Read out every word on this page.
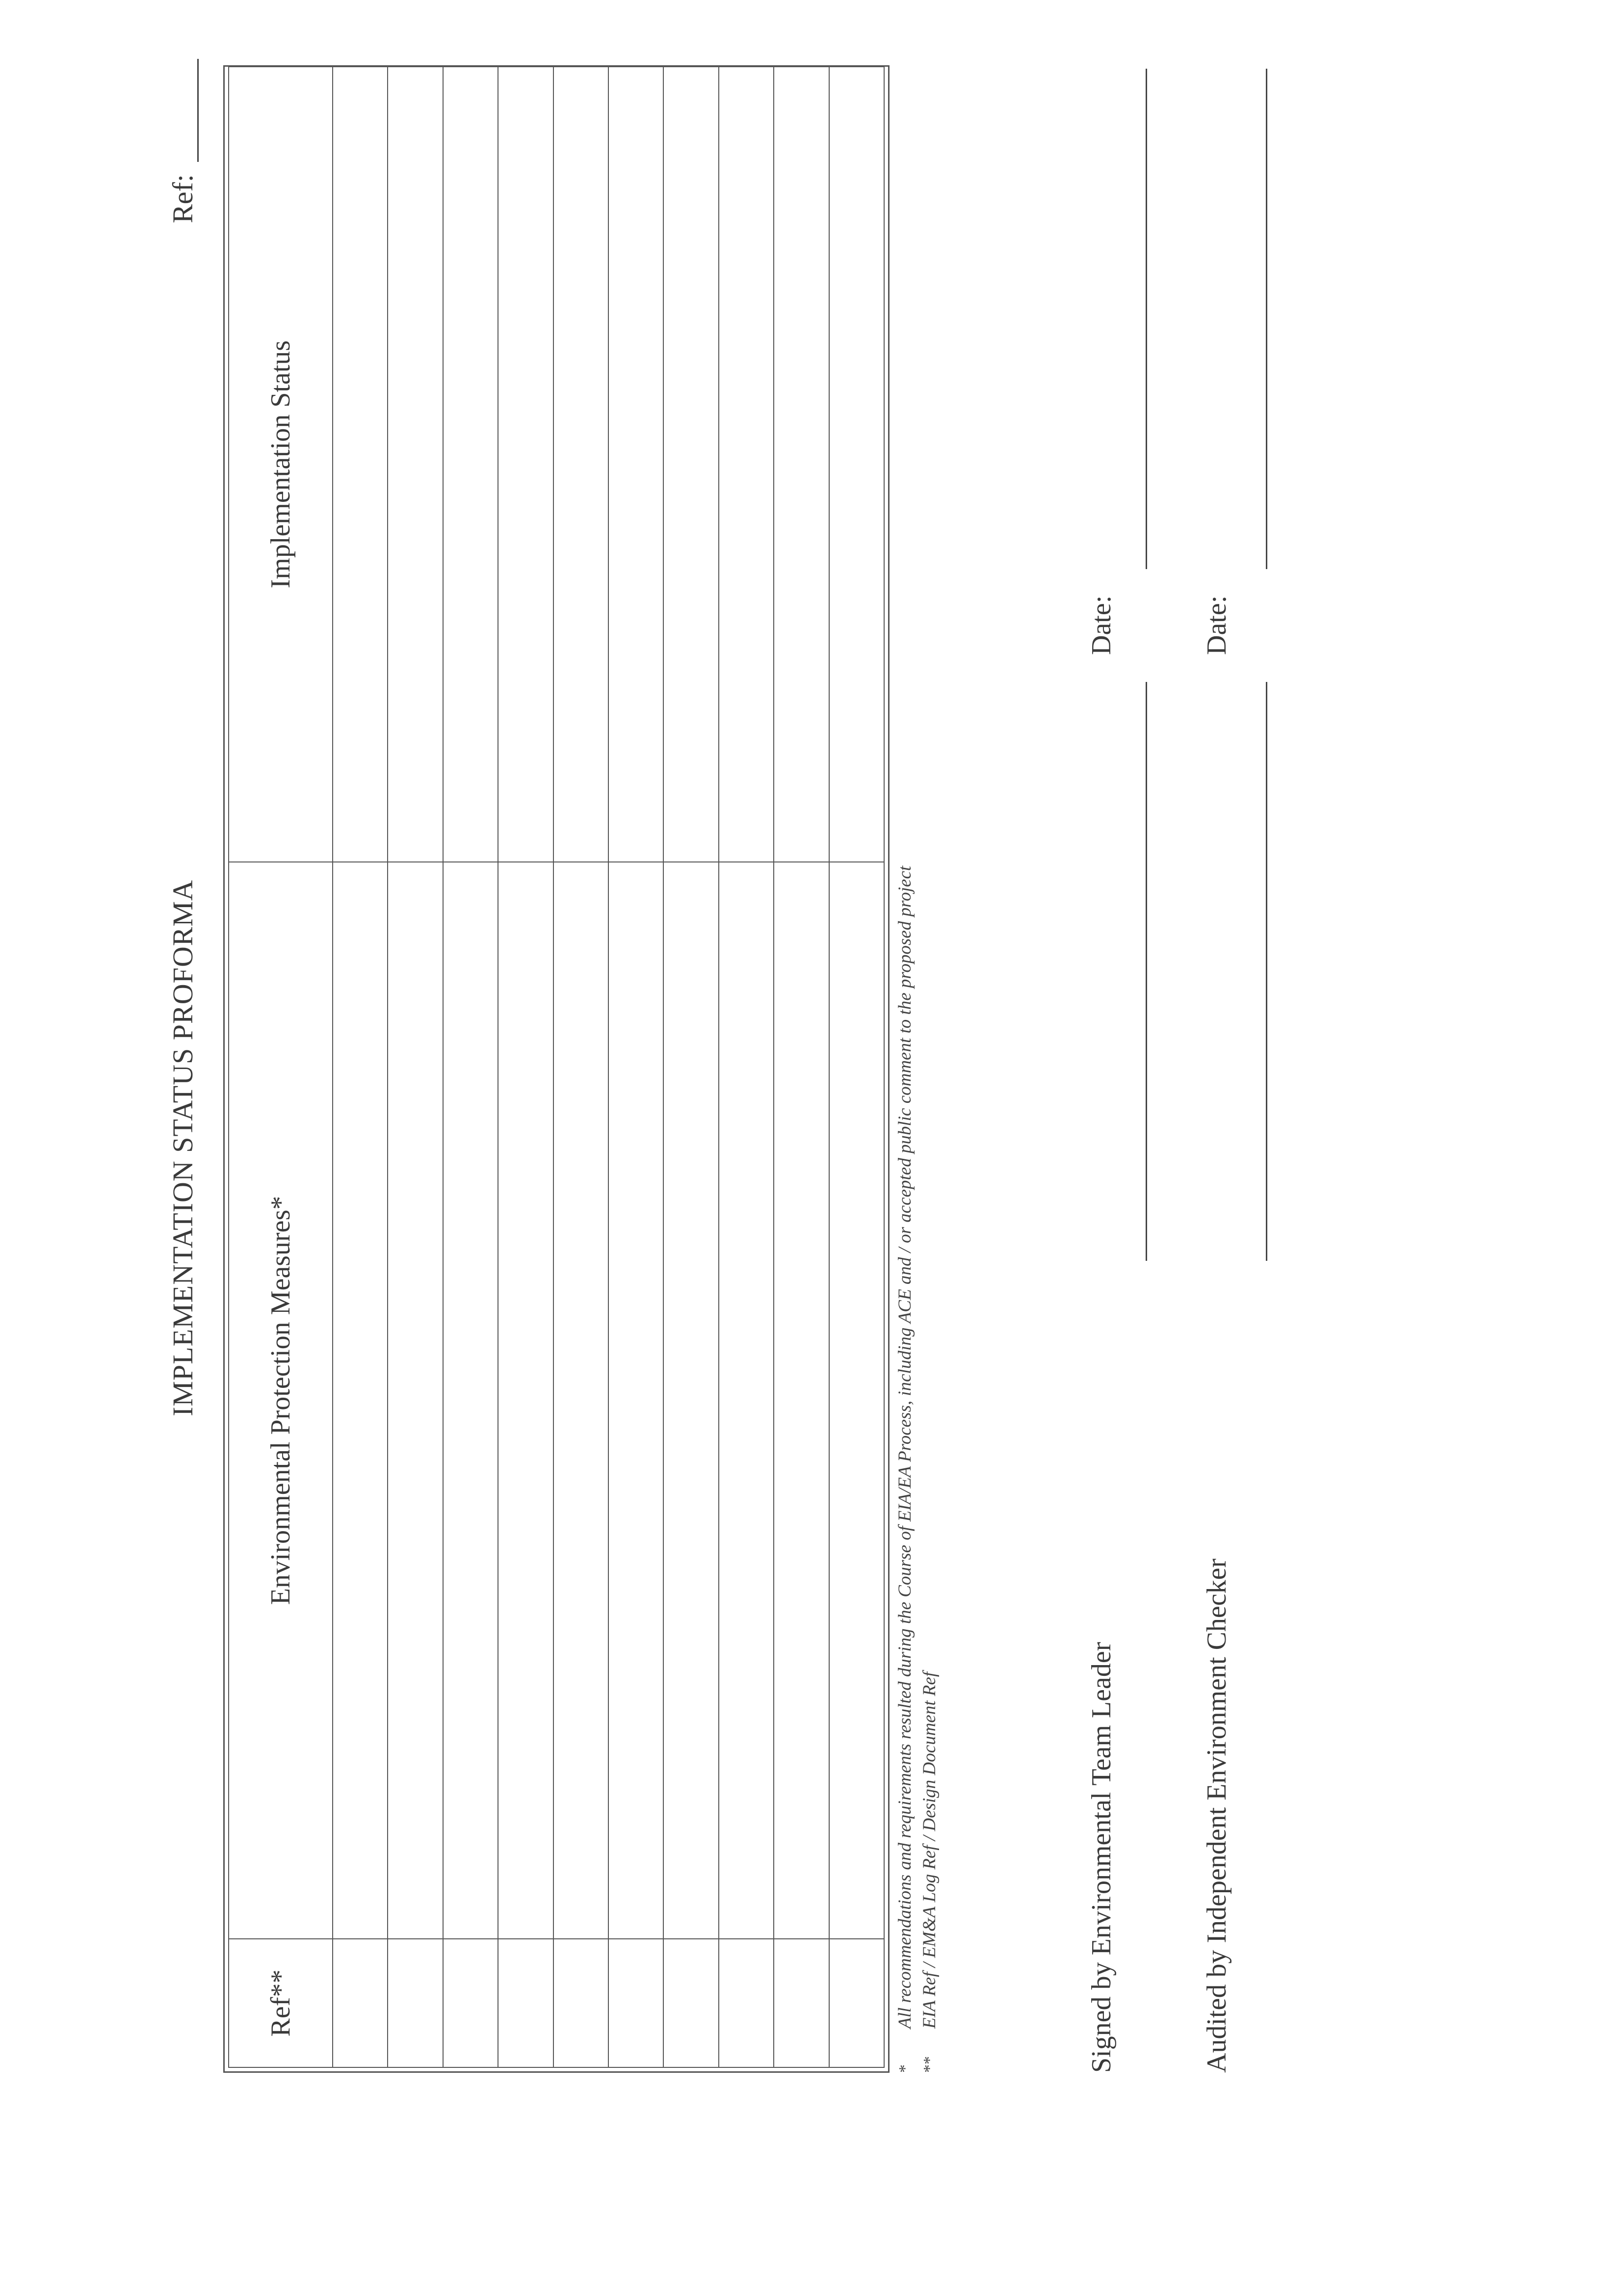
IMPLEMENTATION STATUS PROFORMA
Ref:
Ref**	Environmental Protection Measures*	Implementation Status

*
All recommendations and requirements resulted during the Course of EIA/EA Process, including ACE and / or accepted public comment to the proposed project
**
EIA Ref / EM&A Log Ref / Design Document Ref	Signed by Environmental Team Leader
Date:
Audited by Independent Environment Checker
Date:
